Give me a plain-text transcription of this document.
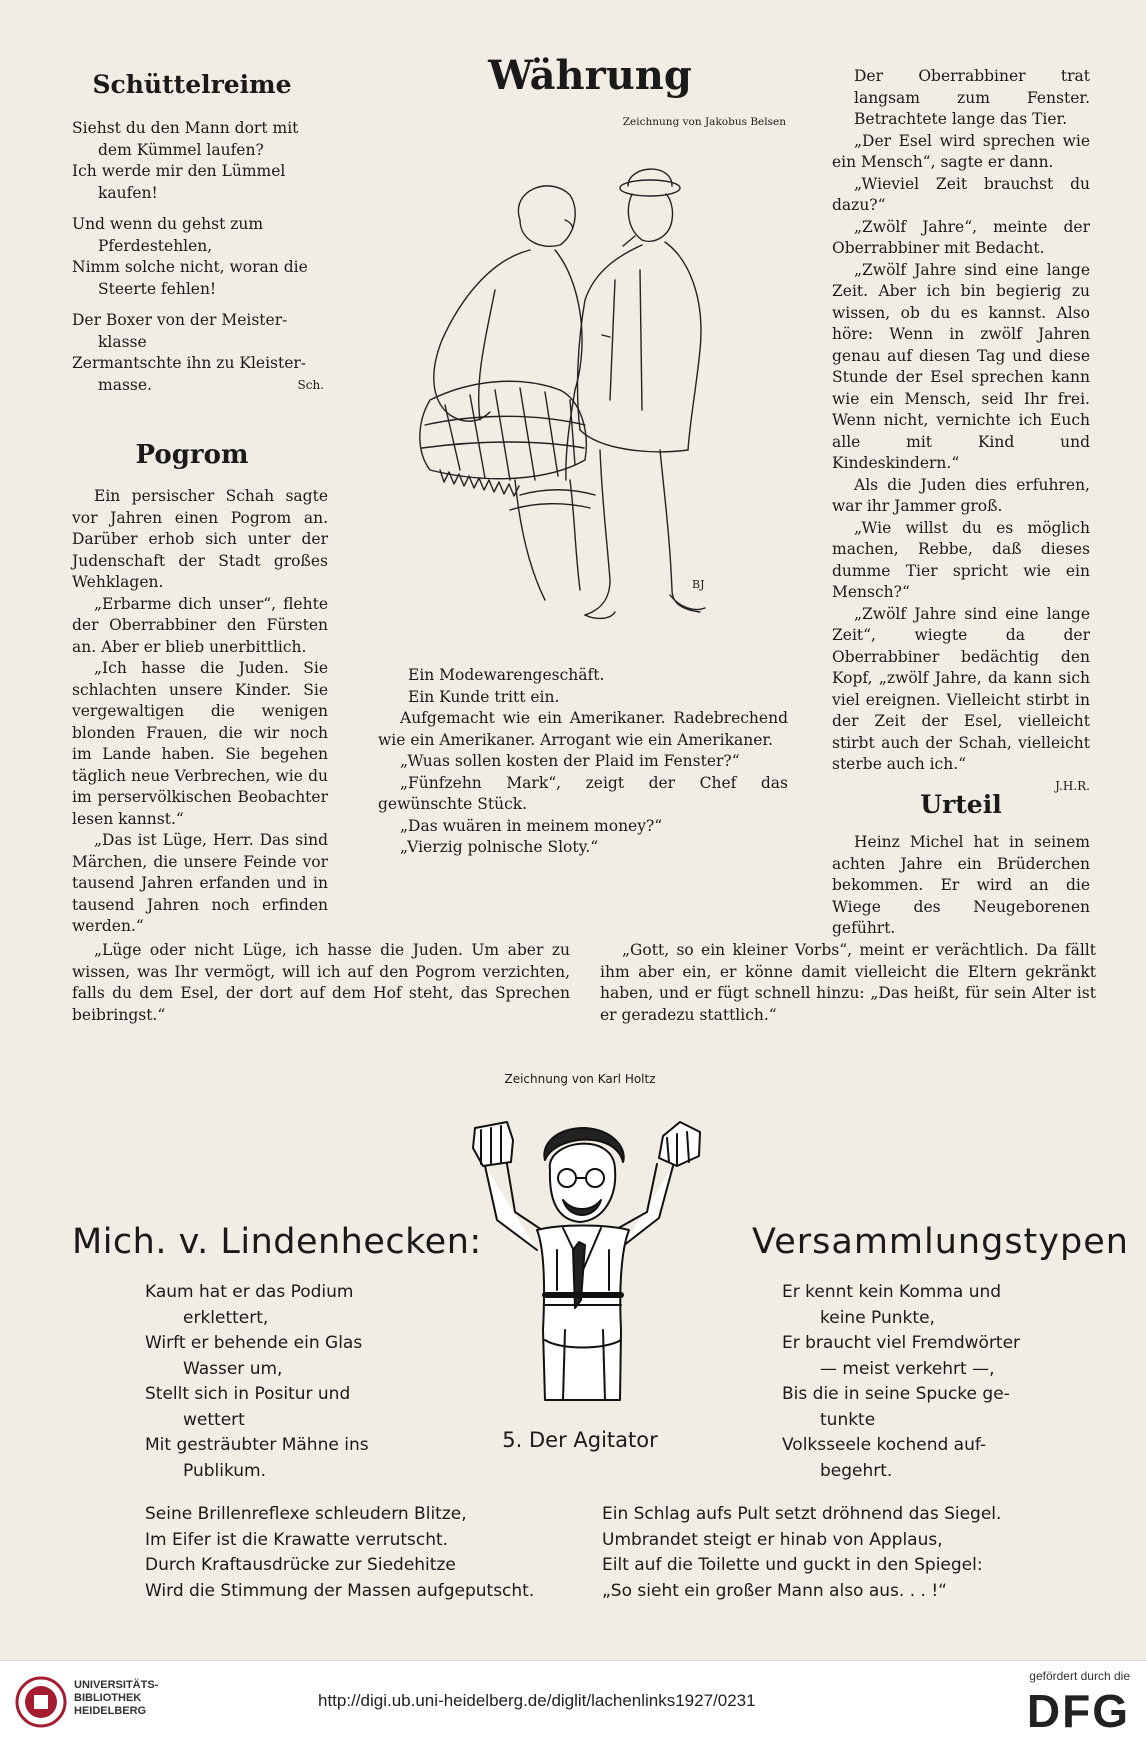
Schüttelreime

Siehst du den Mann dort mit

dem Kümmel laufen?

Ich werde mir den Lümmel

kaufen!

Und wenn du gehst zum

Pferdestehlen,

Nimm solche nicht, woran die

Steerte fehlen!

Der Boxer von der Meister-

klasse

Zermantschte ihn zu Kleister-

masse.	Sch.
Pogrom

Ein persischer Schah sagte vor Jahren einen Pogrom an. Darüber erhob sich unter der Judenschaft der Stadt großes Wehklagen.

„Erbarme dich unser“, flehte der Oberrabbiner den Fürsten an. Aber er blieb unerbittlich.

„Ich hasse die Juden. Sie schlachten unsere Kinder. Sie vergewaltigen die wenigen blonden Frauen, die wir noch im Lande haben. Sie begehen täglich neue Verbrechen, wie du im perservölkischen Beobachter lesen kannst.“

„Das ist Lüge, Herr. Das sind Märchen, die unsere Feinde vor tausend Jahren erfanden und in tausend Jahren noch erfinden werden.“

„Lüge oder nicht Lüge, ich hasse die Juden. Um aber zu wissen, was Ihr vermögt, will ich auf den Pogrom verzichten, falls du dem Esel, der dort auf dem Hof steht, das Sprechen beibringst.“

„Gott, so ein kleiner Vorbs“, meint er verächtlich. Da fällt ihm aber ein, er könne damit vielleicht die Eltern gekränkt haben, und er fügt schnell hinzu: „Das heißt, für sein Alter ist er geradezu stattlich.“

Währung
Zeichnung von Jakobus Belsen
BJ

Ein Modewarengeschäft.

Ein Kunde tritt ein.

Aufgemacht wie ein Amerikaner. Radebrechend wie ein Amerikaner. Arrogant wie ein Amerikaner.

„Wuas sollen kosten der Plaid im Fenster?“

„Fünfzehn Mark“, zeigt der Chef das gewünschte Stück.

„Das wuären in meinem money?“

„Vierzig polnische Sloty.“

Der Oberrabbiner trat langsam zum Fenster. Betrachtete lange das Tier.

„Der Esel wird sprechen wie ein Mensch“, sagte er dann.

„Wieviel Zeit brauchst du dazu?“

„Zwölf Jahre“, meinte der Oberrabbiner mit Bedacht.

„Zwölf Jahre sind eine lange Zeit. Aber ich bin begierig zu wissen, ob du es kannst. Also höre: Wenn in zwölf Jahren genau auf diesen Tag und diese Stunde der Esel sprechen kann wie ein Mensch, seid Ihr frei. Wenn nicht, vernichte ich Euch alle mit Kind und Kindeskindern.“

Als die Juden dies erfuhren, war ihr Jammer groß.

„Wie willst du es möglich machen, Rebbe, daß dieses dumme Tier spricht wie ein Mensch?“

„Zwölf Jahre sind eine lange Zeit“, wiegte da der Oberrabbiner bedächtig den Kopf, „zwölf Jahre, da kann sich viel ereignen. Vielleicht stirbt in der Zeit der Esel, vielleicht stirbt auch der Schah, vielleicht sterbe auch ich.“

J.H.R.
Urteil

Heinz Michel hat in seinem achten Jahre ein Brüderchen bekommen. Er wird an die Wiege des Neugeborenen geführt.

Zeichnung von Karl Holtz
Mich. v. Lindenhecken:	Versammlungstypen
5. Der Agitator

Kaum hat er das Podium

erklettert,

Wirft er behende ein Glas

Wasser um,

Stellt sich in Positur und

wettert

Mit gesträubter Mähne ins

Publikum.

Er kennt kein Komma und

keine Punkte,

Er braucht viel Fremdwörter

— meist verkehrt —,

Bis die in seine Spucke ge-

tunkte

Volksseele kochend auf-

begehrt.

Seine Brillenreflexe schleudern Blitze,

Im Eifer ist die Krawatte verrutscht.

Durch Kraftausdrücke zur Siedehitze

Wird die Stimmung der Massen aufgeputscht.

Ein Schlag aufs Pult setzt dröhnend das Siegel.

Umbrandet steigt er hinab von Applaus,

Eilt auf die Toilette und guckt in den Spiegel:

„So sieht ein großer Mann also aus. . . !“

UNIVERSITÄTS-
BIBLIOTHEK
HEIDELBERG
http://digi.ub.uni-heidelberg.de/diglit/lachenlinks1927/0231
gefördert durch die
DFG
